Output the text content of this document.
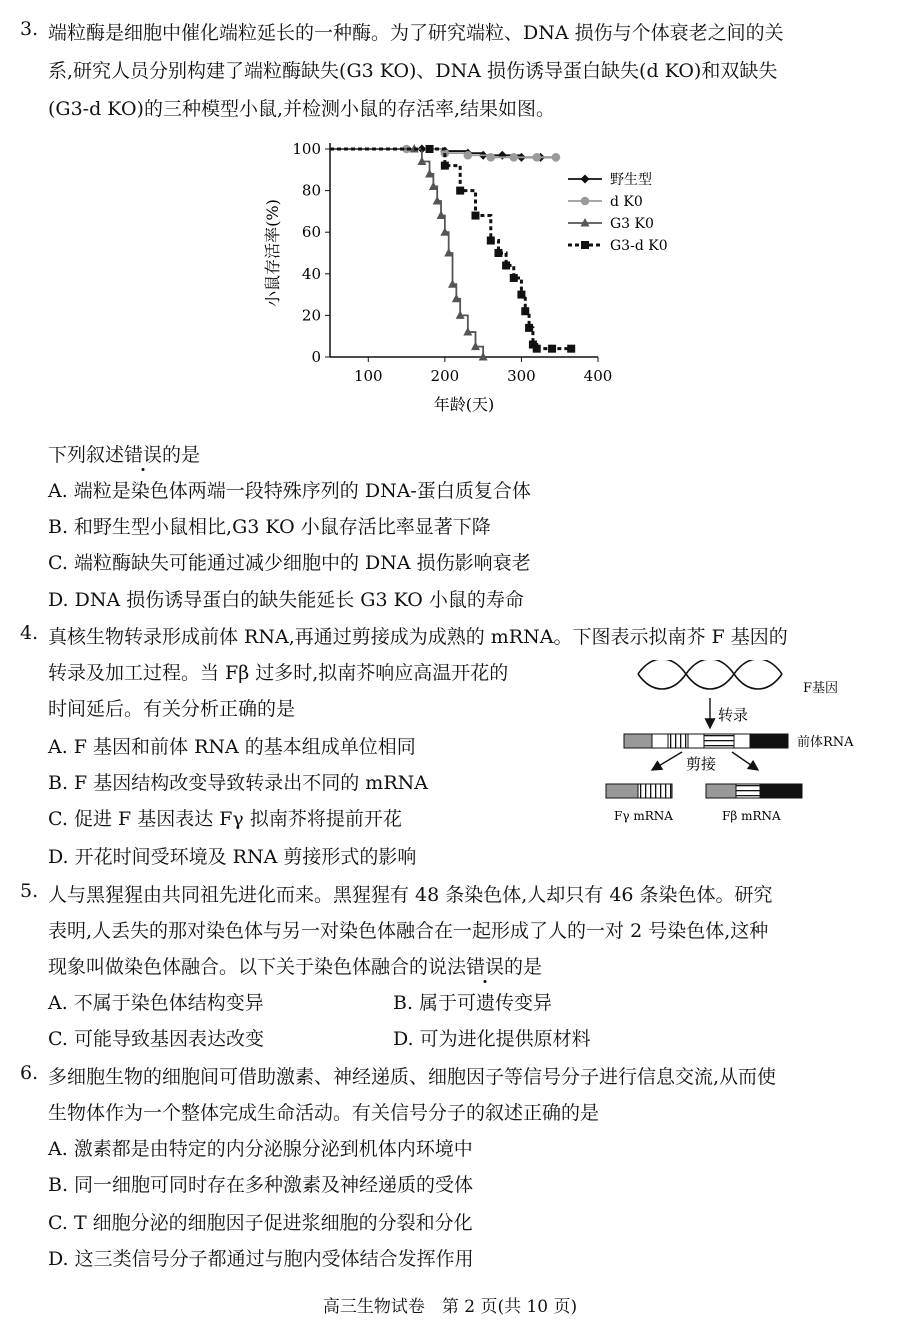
3. 端粒酶是细胞中催化端粒延长的一种酶。为了研究端粒、DNA 损伤与个体衰老之间的关
系,研究人员分别构建了端粒酶缺失(G3 KO)、DNA 损伤诱导蛋白缺失(d KO)和双缺失
(G3-d KO)的三种模型小鼠,并检测小鼠的存活率,结果如图。
0
20
40
60
80
100
100	200	300	400
年龄(天)
小鼠存活率(%)
野生型
d K0
G3 K0
G3-d K0
下列叙述错误的是
A. 端粒是染色体两端一段特殊序列的 DNA-蛋白质复合体
B. 和野生型小鼠相比,G3 KO 小鼠存活比率显著下降
C. 端粒酶缺失可能通过减少细胞中的 DNA 损伤影响衰老
D. DNA 损伤诱导蛋白的缺失能延长 G3 KO 小鼠的寿命
4. 真核生物转录形成前体 RNA,再通过剪接成为成熟的 mRNA。下图表示拟南芥 F 基因的
转录及加工过程。当 Fβ 过多时,拟南芥响应高温开花的
时间延后。有关分析正确的是
A. F 基因和前体 RNA 的基本组成单位相同
B. F 基因结构改变导致转录出不同的 mRNA
C. 促进 F 基因表达 Fγ 拟南芥将提前开花
D. 开花时间受环境及 RNA 剪接形式的影响
F基因
转录
前体RNA
剪接
Fγ mRNA	Fβ mRNA
5. 人与黑猩猩由共同祖先进化而来。黑猩猩有 48 条染色体,人却只有 46 条染色体。研究
表明,人丢失的那对染色体与另一对染色体融合在一起形成了人的一对 2 号染色体,这种
现象叫做染色体融合。以下关于染色体融合的说法错误的是
A. 不属于染色体结构变异	B. 属于可遗传变异
C. 可能导致基因表达改变	D. 可为进化提供原材料
6. 多细胞生物的细胞间可借助激素、神经递质、细胞因子等信号分子进行信息交流,从而使
生物体作为一个整体完成生命活动。有关信号分子的叙述正确的是
A. 激素都是由特定的内分泌腺分泌到机体内环境中
B. 同一细胞可同时存在多种激素及神经递质的受体
C. T 细胞分泌的细胞因子促进浆细胞的分裂和分化
D. 这三类信号分子都通过与胞内受体结合发挥作用
高三生物试卷　第 2 页(共 10 页)
